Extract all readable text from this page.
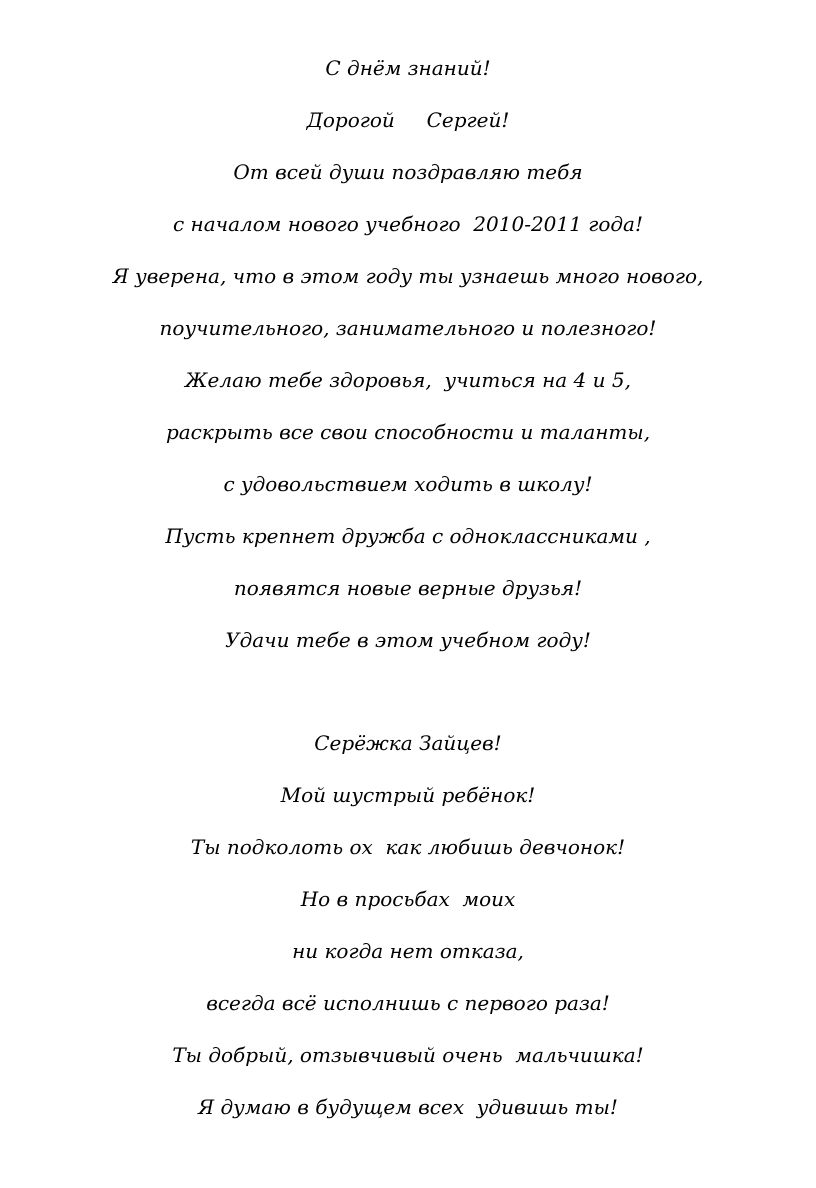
С днём знаний!
Дорогой     Сергей!
От всей души поздравляю тебя
с началом нового учебного  2010-2011 года!
Я уверена, что в этом году ты узнаешь много нового,
поучительного, занимательного и полезного!
Желаю тебе здоровья,  учиться на 4 и 5,
раскрыть все свои способности и таланты,
с удовольствием ходить в школу!
Пусть крепнет дружба с одноклассниками ,
появятся новые верные друзья!
Удачи тебе в этом учебном году!
Серёжка Зайцев!
Мой шустрый ребёнок!
Ты подколоть ох  как любишь девчонок!
Но в просьбах  моих
ни когда нет отказа,
всегда всё исполнишь с первого раза!
Ты добрый, отзывчивый очень  мальчишка!
Я думаю в будущем всех  удивишь ты!
